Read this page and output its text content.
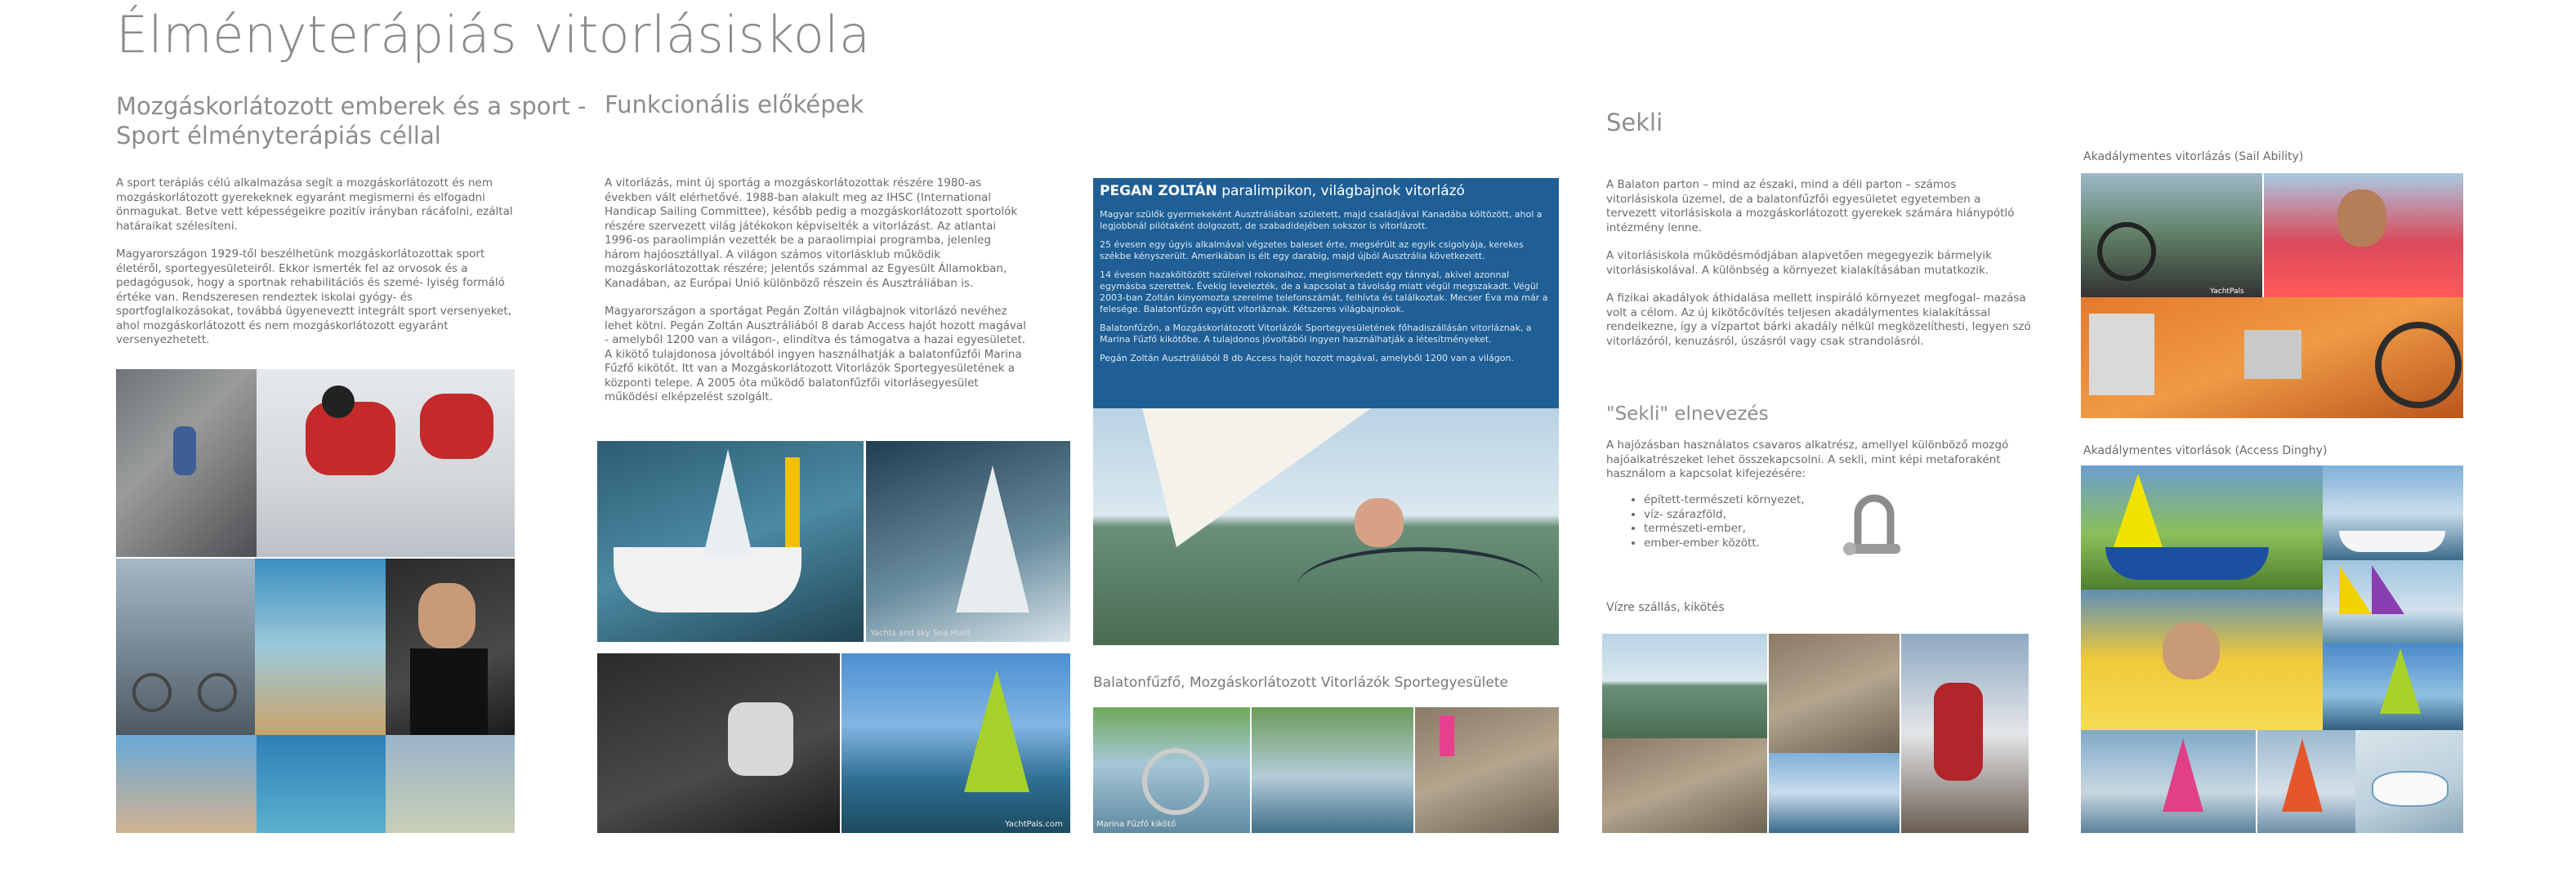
Élményterápiás vitorlásiskola
Mozgáskorlátozott emberek és a sport - Sport élményterápiás céllal

A sport terápiás célú alkalmazása segít a mozgáskorlátozott és nem mozgáskorlátozott gyerekeknek egyaránt megismerni és elfogadni önmagukat. Betve vett képességeikre pozitív irányban rácáfolni, ezáltal határaikat szélesíteni.

Magyarországon 1929-től beszélhetünk mozgáskorlátozottak sport életéről, sportegyesületeiről. Ekkor ismerték fel az orvosok és a pedagógusok, hogy a sportnak rehabilitációs és szemé- lyiség formáló értéke van. Rendszeresen rendeztek iskolai gyógy- és sportfoglalkozásokat, továbbá ügyeneveztt integrált sport versenyeket, ahol mozgáskorlátozott és nem mozgáskorlátozott egyaránt versenyezhetett.

Funkcionális előképek

A vitorlázás, mint új sportág a mozgáskorlátozottak részére 1980-as években vált elérhetővé. 1988-ban alakult meg az IHSC (International Handicap Sailing Committee), később pedig a mozgáskorlátozott sportolók részére szervezett világ játékokon képviselték a vitorlázást. Az atlantai 1996-os paraolimpián vezették be a paraolimpiai programba, jelenleg három hajóosztállyal. A világon számos vitorlásklub működik mozgáskorlátozottak részére; jelentős számmal az Egyesült Államokban, Kanadában, az Európai Unió különböző részein és Ausztráliában is.

Magyarországon a sportágat Pegán Zoltán világbajnok vitorlázó nevéhez lehet kötni. Pegán Zoltán Ausztráliából 8 darab Access hajót hozott magával - amelyből 1200 van a világon-, elindítva és támogatva a hazai egyesületet. A kikötő tulajdonosa jóvoltából ingyen használhatják a balatonfűzfői Marina Fűzfő kikötőt. Itt van a Mozgáskorlátozott Vitorlázók Sportegyesületének a központi telepe. A 2005 óta működő balatonfűzfői vitorlásegyesület működési elképzelést szolgált.

Yachts and sky Sea Hunt
YachtPals.com
PEGAN ZOLTÁN paralimpikon, világbajnok vitorlázó

Magyar szülők gyermekeként Ausztráliában született, majd családjával Kanadába költözött, ahol a legjobbnál pilótaként dolgozott, de szabadidejében sokszor is vitorlázott.

25 évesen egy úgyis alkalmával végzetes baleset érte, megsérült az egyik csigolyája, kerekes székbe kényszerült. Amerikában is élt egy darabig, majd újból Ausztrália következett.

14 évesen hazaköltözött szüleivel rokonaihoz, megismerkedett egy tánnyal, akivel azonnal egymásba szerettek. Évekig levelezték, de a kapcsolat a távolság miatt végül megszakadt. Végül 2003-ban Zoltán kinyomozta szerelme telefonszámát, felhívta és találkoztak. Mecser Éva ma már a felesége. Balatonfűzőn együtt vitorláznak. Kétszeres világbajnokok.

Balatonfűzőn, a Mozgáskorlátozott Vitorlázók Sportegyesületének főhadiszállásán vitorláznak, a Marina Fűzfő kikötőbe. A tulajdonos jóvoltából ingyen használhatják a létesítményeket.

Pegán Zoltán Ausztráliából 8 db Access hajót hozott magával, amelyből 1200 van a világon.

Balatonfűzfő, Mozgáskorlátozott Vitorlázók Sportegyesülete
Marina Fűzfő kikötő
Sekli

A Balaton parton – mind az északi, mind a déli parton – számos vitorlásiskola üzemel, de a balatonfűzfői egyesületet egyetemben a tervezett vitorlásiskola a mozgáskorlátozott gyerekek számára hiánypótló intézmény lenne.

A vitorlásiskola működésmódjában alapvetően megegyezik bármelyik vitorlásiskolával. A különbség a környezet kialakításában mutatkozik.

A fizikai akadályok áthidalása mellett inspiráló környezet megfogal- mazása volt a célom. Az új kikötőcövítés teljesen akadálymentes kialakítással rendelkezne, így a vízpartot bárki akadály nélkül megközelíthesti, legyen szó vitorlázóról, kenuzásról, úszásról vagy csak strandolásról.

"Sekli" elnevezés
A hajózásban használatos csavaros alkatrész, amellyel különböző mozgó hajóalkatrészeket lehet összekapcsolni. A sekli, mint képi metaforaként használom a kapcsolat kifejezésére:
• épített-természeti környezet,
• víz- szárazföld,
• természeti-ember,
• ember-ember között.
Vízre szállás, kikötés
Akadálymentes vitorlázás (Sail Ability)
YachtPals
Akadálymentes vitorlások (Access Dinghy)
